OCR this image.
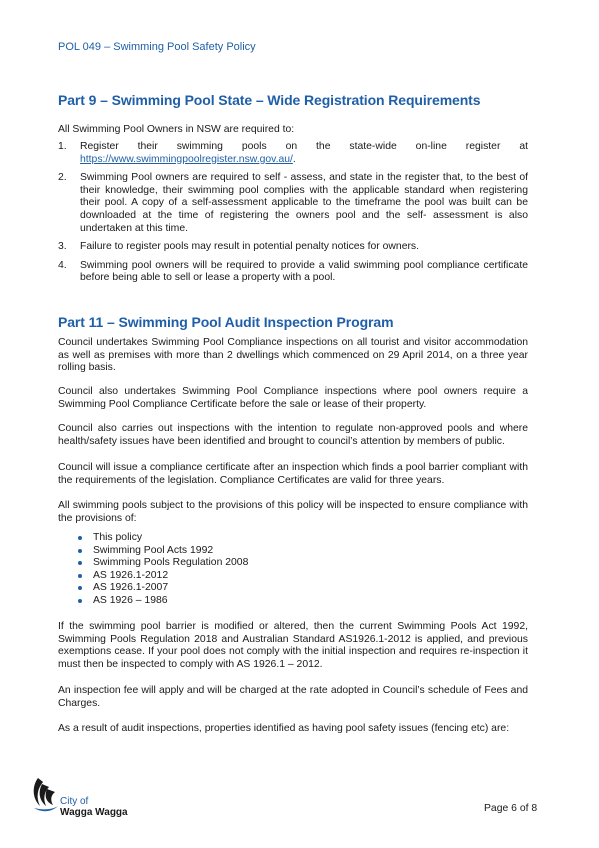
POL 049 – Swimming Pool Safety Policy
Part 9 – Swimming Pool State – Wide Registration Requirements

All Swimming Pool Owners in NSW are required to:

1. Register their swimming pools on the state-wide on-line register at https://www.swimmingpoolregister.nsw.gov.au/.
2. Swimming Pool owners are required to self - assess, and state in the register that, to the best of their knowledge, their swimming pool complies with the applicable standard when registering their pool. A copy of a self-assessment applicable to the timeframe the pool was built can be downloaded at the time of registering the owners pool and the self- assessment is also undertaken at this time.
3. Failure to register pools may result in potential penalty notices for owners.
4. Swimming pool owners will be required to provide a valid swimming pool compliance certificate before being able to sell or lease a property with a pool.
Part 11 – Swimming Pool Audit Inspection Program

Council undertakes Swimming Pool Compliance inspections on all tourist and visitor accommodation as well as premises with more than 2 dwellings which commenced on 29 April 2014, on a three year rolling basis.

Council also undertakes Swimming Pool Compliance inspections where pool owners require a Swimming Pool Compliance Certificate before the sale or lease of their property.

Council also carries out inspections with the intention to regulate non-approved pools and where health/safety issues have been identified and brought to council’s attention by members of public.

Council will issue a compliance certificate after an inspection which finds a pool barrier compliant with the requirements of the legislation. Compliance Certificates are valid for three years.

All swimming pools subject to the provisions of this policy will be inspected to ensure compliance with the provisions of:

This policy
Swimming Pool Acts 1992
Swimming Pools Regulation 2008
AS 1926.1-2012
AS 1926.1-2007
AS 1926 – 1986

If the swimming pool barrier is modified or altered, then the current Swimming Pools Act 1992, Swimming Pools Regulation 2018 and Australian Standard AS1926.1-2012 is applied, and previous exemptions cease. If your pool does not comply with the initial inspection and requires re-inspection it must then be inspected to comply with AS 1926.1 – 2012.

An inspection fee will apply and will be charged at the rate adopted in Council’s schedule of Fees and Charges.

As a result of audit inspections, properties identified as having pool safety issues (fencing etc) are:

City of
Wagga Wagga	Page 6 of 8
